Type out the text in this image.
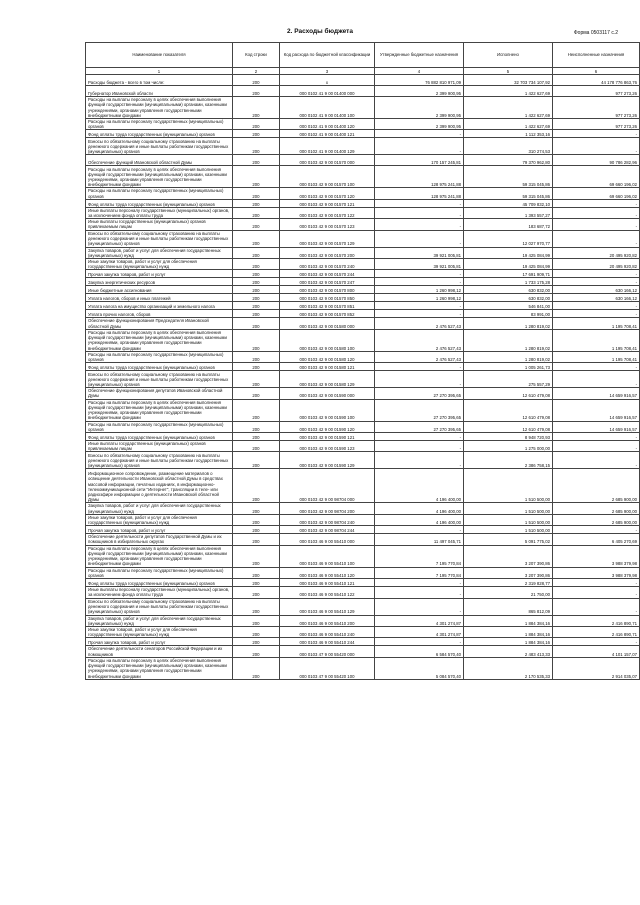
2. Расходы бюджета	Форма 0503117 с.2
Наименование показателя	Код строки	Код расхода по бюджетной классификации	Утвержденные бюджетные назначения	Исполнено	Неисполненные назначения
1	2	3	4	5	6
Расходы бюджета - всего в том числе:	200	x	76 882 810 971,09	32 703 734 107,92	44 178 776 863,76
Губернатор Ивановской области	200	000 0102 41 9 00 01400 000	2 399 900,95	1 422 627,69	977 273,26
Расходы на выплаты персоналу в целях обеспечения выполнения функций государственными (муниципальными) органами, казенными учреждениями, органами управления государственными внебюджетными фондами	200	000 0102 41 9 00 01400 100	2 399 900,95	1 422 627,69	977 273,26
Расходы на выплаты персоналу государственных (муниципальных) органов	200	000 0102 41 9 00 01400 120	2 399 900,95	1 422 627,69	977 273,26
Фонд оплаты труда государственных (муниципальных) органов	200	000 0102 41 9 00 01400 121	-	1 112 353,16	-
Взносы по обязательному социальному страхованию на выплаты денежного содержания и иные выплаты работникам государственных (муниципальных) органов	200	000 0102 41 9 00 01400 129	-	310 274,53	-
Обеспечение функций Ивановской областной Думы	200	000 0103 42 9 00 01570 000	170 157 245,81	79 370 962,80	90 786 282,96
Расходы на выплаты персоналу в целях обеспечения выполнения функций государственными (муниципальными) органами, казенными учреждениями, органами управления государственными внебюджетными фондами	200	000 0103 42 9 00 01570 100	128 975 241,88	59 315 045,86	69 660 196,02
Расходы на выплаты персоналу государственных (муниципальных) органов	200	000 0103 42 9 00 01570 120	128 975 241,88	59 315 045,86	69 660 196,02
Фонд оплаты труда государственных (муниципальных) органов	200	000 0103 42 9 00 01570 121	-	45 709 832,10	-
Иные выплаты персоналу государственных (муниципальных) органов, за исключением фонда оплаты труда	200	000 0103 42 9 00 01570 122	-	1 393 557,27	-
Иные выплаты государственных (муниципальных) органов привлекаемым лицам	200	000 0103 42 9 00 01570 123	-	183 687,72	-
Взносы по обязательному социальному страхованию на выплаты денежного содержания и иные выплаты работникам государственных (муниципальных) органов	200	000 0103 42 9 00 01570 129	-	12 027 970,77	-
Закупка товаров, работ и услуг для обеспечения государственных (муниципальных) нужд	200	000 0103 42 9 00 01570 200	39 921 005,81	19 425 084,99	20 495 920,82
Иные закупки товаров, работ и услуг для обеспечения государственных (муниципальных) нужд	200	000 0103 42 9 00 01570 240	39 921 005,81	19 425 084,99	20 495 920,82
Прочая закупка товаров, работ и услуг	200	000 0103 42 9 00 01570 244	-	17 691 909,71	-
Закупка энергетических ресурсов	200	000 0103 42 9 00 01570 247	-	1 733 175,28	-
Иные бюджетные ассигнования	200	000 0103 42 9 00 01570 800	1 260 998,12	630 832,00	630 166,12
Уплата налогов, сборов и иных платежей	200	000 0103 42 9 00 01570 850	1 260 998,12	630 832,00	630 166,12
Уплата налога на имущество организаций и земельного налога	200	000 0103 42 9 00 01570 851	-	546 841,00	-
Уплата прочих налогов, сборов	200	000 0103 42 9 00 01570 852	-	83 991,00	-
Обеспечение функционирования Председателя Ивановской областной Думы	200	000 0103 42 9 00 01580 000	2 476 527,43	1 280 819,02	1 195 708,41
Расходы на выплаты персоналу в целях обеспечения выполнения функций государственными (муниципальными) органами, казенными учреждениями, органами управления государственными внебюджетными фондами	200	000 0103 42 9 00 01580 100	2 476 527,43	1 280 819,02	1 195 708,41
Расходы на выплаты персоналу государственных (муниципальных) органов	200	000 0103 42 9 00 01580 120	2 476 527,43	1 280 819,02	1 195 708,41
Фонд оплаты труда государственных (муниципальных) органов	200	000 0103 42 9 00 01580 121	-	1 005 261,73	-
Взносы по обязательному социальному страхованию на выплаты денежного содержания и иные выплаты работникам государственных (муниципальных) органов	200	000 0103 42 9 00 01580 129	-	275 557,29	-
Обеспечение функционирования депутатов Ивановской областной Думы	200	000 0103 42 9 00 01590 000	27 270 395,65	12 610 479,08	14 659 916,57
Расходы на выплаты персоналу в целях обеспечения выполнения функций государственными (муниципальными) органами, казенными учреждениями, органами управления государственными внебюджетными фондами	200	000 0103 42 9 00 01590 100	27 270 395,65	12 610 479,08	14 659 916,57
Расходы на выплаты персоналу государственных (муниципальных) органов	200	000 0103 42 9 00 01590 120	27 270 395,65	12 610 479,08	14 659 916,57
Фонд оплаты труда государственных (муниципальных) органов	200	000 0103 42 9 00 01590 121	-	8 948 720,93	-
Иные выплаты государственных (муниципальных) органов привлекаемым лицам	200	000 0103 42 9 00 01590 123	-	1 275 000,00	-
Взносы по обязательному социальному страхованию на выплаты денежного содержания и иные выплаты работникам государственных (муниципальных) органов	200	000 0103 42 9 00 01590 129	-	2 386 758,15	-
Информационное сопровождение, размещение материалов о освещение деятельности Ивановской областной Думы в средствах массовой информации, печатных изданиях, в информационно-телекоммуникационной сети "Интернет", трансляции в теле- или радиоэфире информации о деятельности Ивановской областной Думы	200	000 0103 42 9 00 98704 000	4 196 400,00	1 510 500,00	2 685 900,00
Закупка товаров, работ и услуг для обеспечения государственных (муниципальных) нужд	200	000 0103 42 9 00 98704 200	4 196 400,00	1 510 500,00	2 685 900,00
Иные закупки товаров, работ и услуг для обеспечения государственных (муниципальных) нужд	200	000 0103 42 9 00 98704 240	4 196 400,00	1 510 500,00	2 685 900,00
Прочая закупка товаров, работ и услуг	200	000 0103 42 9 00 98704 244	-	1 510 500,00	-
Обеспечение деятельности депутатов Государственной Думы и их помощников в избирательных округах	200	000 0103 46 9 00 55410 000	11 497 045,71	5 091 775,02	6 405 270,69
Расходы на выплаты персоналу в целях обеспечения выполнения функций государственными (муниципальными) органами, казенными учреждениями, органами управления государственными внебюджетными фондами	200	000 0103 46 9 00 55410 100	7 195 770,84	3 207 390,86	3 988 379,98
Расходы на выплаты персоналу государственных (муниципальных) органов	200	000 0103 46 9 00 55410 120	7 195 770,84	3 207 390,86	3 988 379,98
Фонд оплаты труда государственных (муниципальных) органов	200	000 0103 46 9 00 55410 121	-	2 319 828,77	-
Иные выплаты персоналу государственных (муниципальных) органов, за исключением фонда оплаты труда	200	000 0103 46 9 00 55410 122	-	21 750,00	-
Взносы по обязательному социальному страхованию на выплаты денежного содержания и иные выплаты работникам государственных (муниципальных) органов	200	000 0103 46 9 00 55410 129	-	865 812,09	-
Закупка товаров, работ и услуг для обеспечения государственных (муниципальных) нужд	200	000 0103 46 9 00 55410 200	4 301 274,87	1 884 384,16	2 416 890,71
Иные закупки товаров, работ и услуг для обеспечения государственных (муниципальных) нужд	200	000 0103 46 9 00 55410 240	4 301 274,87	1 884 384,16	2 416 890,71
Прочая закупка товаров, работ и услуг	200	000 0103 46 9 00 55410 244	-	1 884 384,16	-
Обеспечение деятельности сенаторов Российской Федерации и их помощников	200	000 0103 47 9 00 55420 000	6 584 570,40	2 483 413,33	4 101 157,07
Расходы на выплаты персоналу в целях обеспечения выполнения функций государственными (муниципальными) органами, казенными учреждениями, органами управления государственными внебюджетными фондами	200	000 0103 47 9 00 55420 100	5 084 570,40	2 170 535,33	2 914 035,07
